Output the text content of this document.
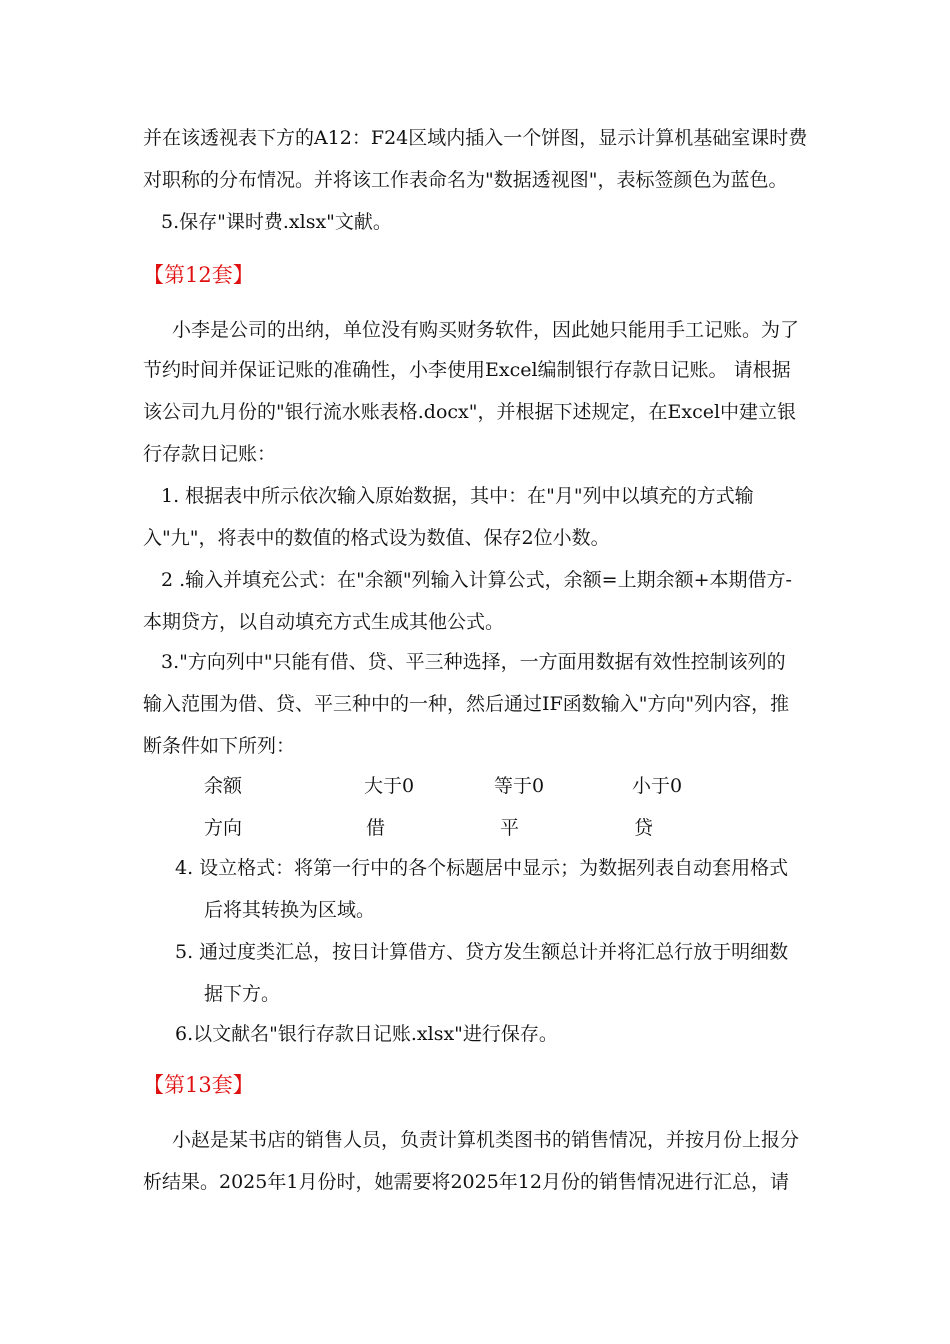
并在该透视表下方的A12：F24区域内插入一个饼图，显示计算机基础室课时费
对职称的分布情况。并将该工作表命名为"数据透视图"，表标签颜色为蓝色。
5.保存"课时费.xlsx"文献。
【第12套】
小李是公司的出纳，单位没有购买财务软件，因此她只能用手工记账。为了
节约时间并保证记账的准确性，小李使用Excel编制银行存款日记账。 请根据
该公司九月份的"银行流水账表格.docx"，并根据下述规定，在Excel中建立银
行存款日记账：
1. 根据表中所示依次输入原始数据，其中：在"月"列中以填充的方式输
入"九"，将表中的数值的格式设为数值、保存2位小数。
2 .输入并填充公式：在"余额"列输入计算公式，余额=上期余额+本期借方-
本期贷方，以自动填充方式生成其他公式。
3."方向列中"只能有借、贷、平三种选择，一方面用数据有效性控制该列的
输入范围为借、贷、平三种中的一种，然后通过IF函数输入"方向"列内容，推
断条件如下所列：
余额	大于0	等于0	小于0
方向	借	平	贷
4. 设立格式：将第一行中的各个标题居中显示；为数据列表自动套用格式
后将其转换为区域。
5. 通过度类汇总，按日计算借方、贷方发生额总计并将汇总行放于明细数
据下方。
6.以文献名"银行存款日记账.xlsx"进行保存。
【第13套】
小赵是某书店的销售人员，负责计算机类图书的销售情况，并按月份上报分
析结果。2025年1月份时，她需要将2025年12月份的销售情况进行汇总，请
